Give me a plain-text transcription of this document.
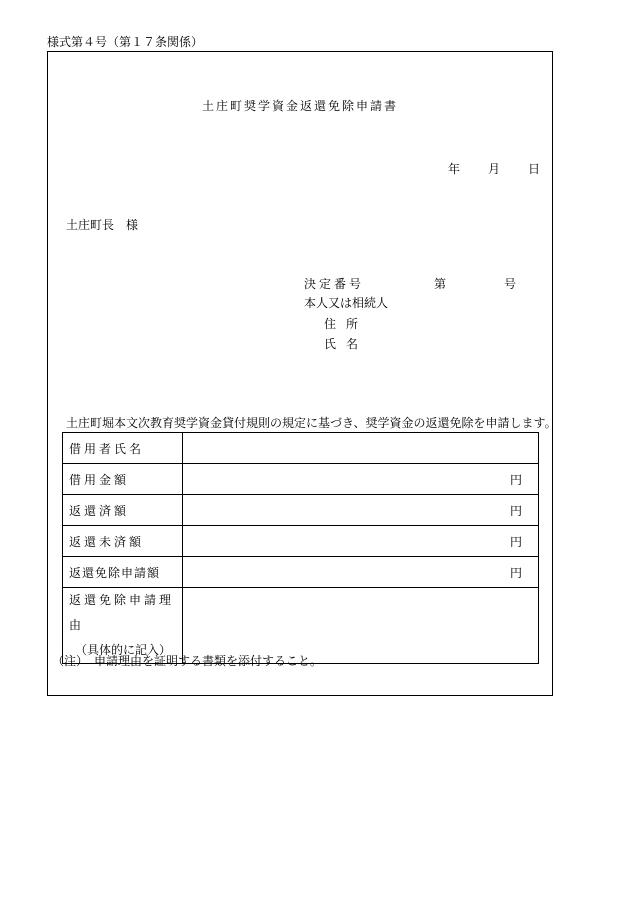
様式第４号（第１７条関係）
土庄町奨学資金返還免除申請書
年 月 日
土庄町長　様
決定番号	第	号
本人又は相続人
住所
氏名
土庄町堀本文次教育奨学資金貸付規則の規定に基づき、奨学資金の返還免除を申請します。
借用者氏名	
借用金額	円
返還済額	円
返還未済額	円
返還免除申請額	円

返還免除申請理由
（具体的に記入）	

（注）　申請理由を証明する書類を添付すること。
